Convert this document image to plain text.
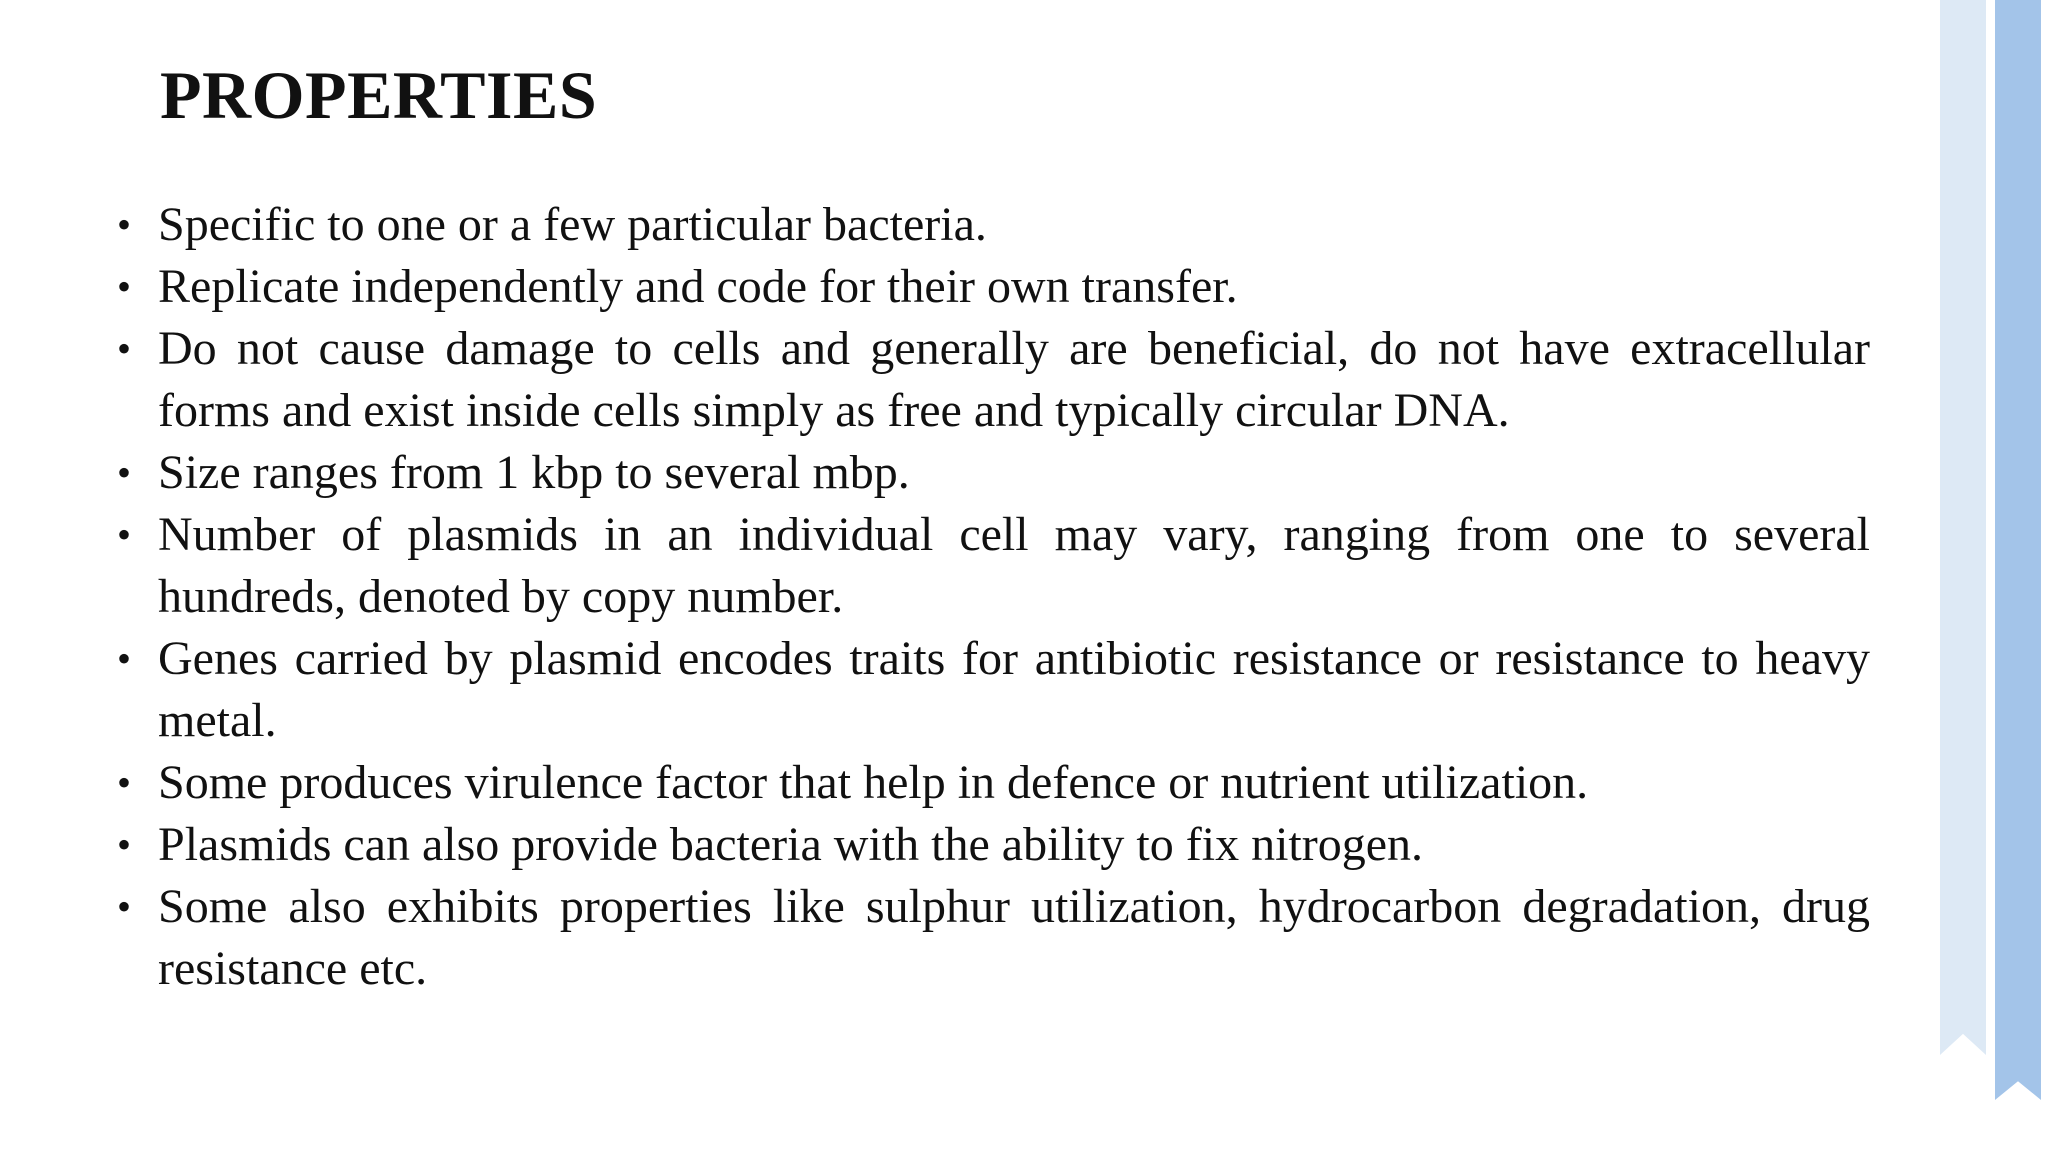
PROPERTIES
• Specific to one or a few particular bacteria.
• Replicate independently and code for their own transfer.
• Do not cause damage to cells and generally are beneficial, do not have extracellular forms and exist inside cells simply as free and typically circular DNA.
• Size ranges from 1 kbp to several mbp.
• Number of plasmids in an individual cell may vary, ranging from one to several hundreds, denoted by copy number.
• Genes carried by plasmid encodes traits for antibiotic resistance or resistance to heavy metal.
• Some produces virulence factor that help in defence or nutrient utilization.
• Plasmids can also provide bacteria with the ability to fix nitrogen.
• Some also exhibits properties like sulphur utilization, hydrocarbon degradation, drug resistance etc.
